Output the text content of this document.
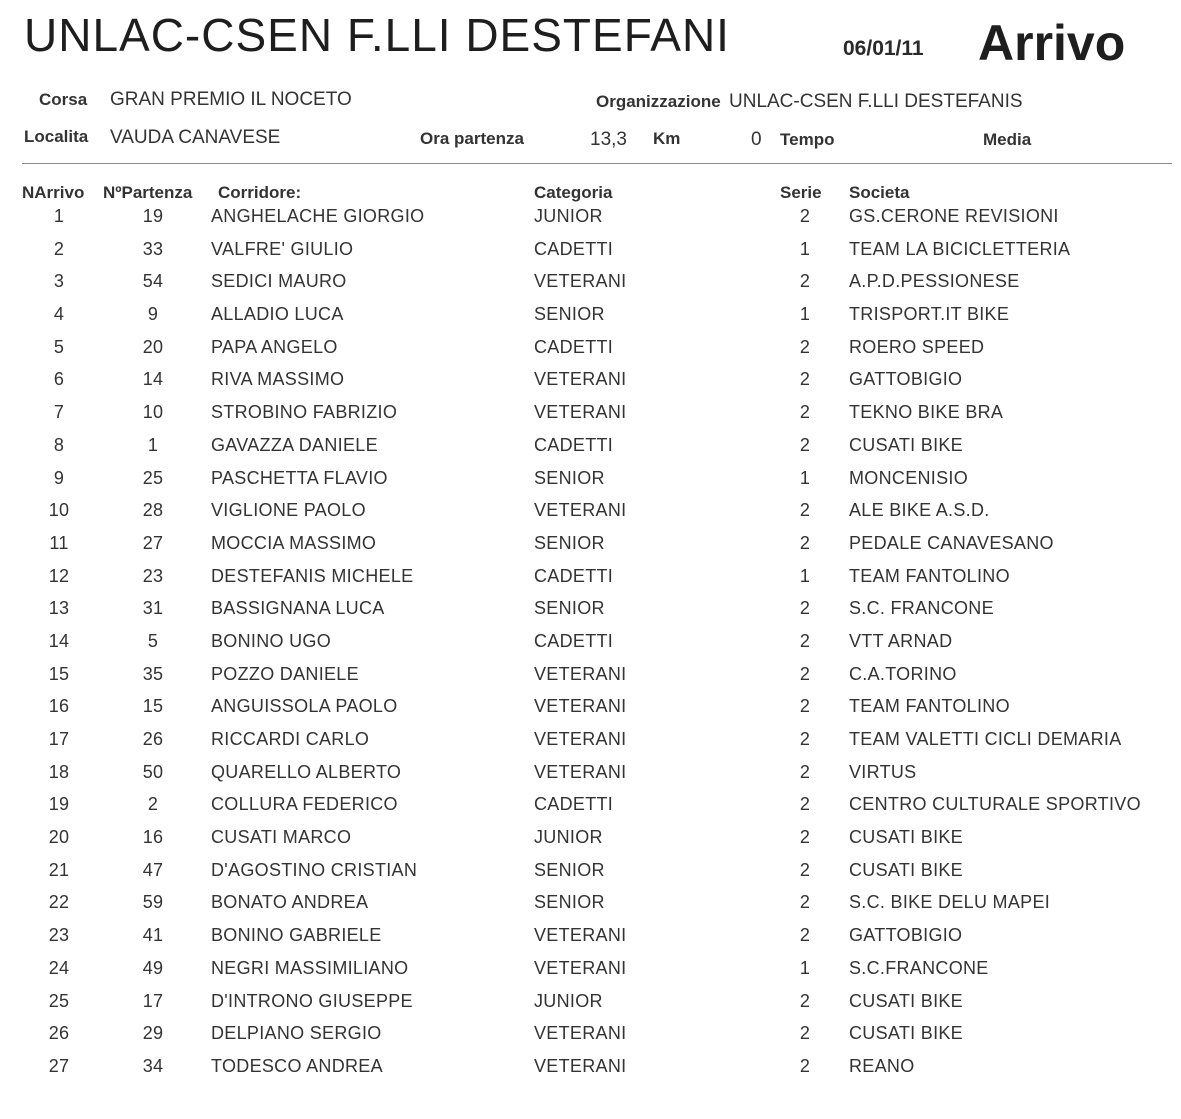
UNLAC-CSEN F.LLI DESTEFANI	06/01/11 Arrivo
Corsa GRAN PREMIO IL NOCETO	Organizzazione UNLAC-CSEN F.LLI DESTEFANIS
Localita VAUDA CANAVESE	Ora partenza	13,3 Km	0 Tempo	Media
NArrivo NºPartenza Corridore:	Categoria	Serie Societa
1	19	ANGHELACHE GIORGIO	JUNIOR	2	GS.CERONE REVISIONI
2	33	VALFRE' GIULIO	CADETTI	1	TEAM LA BICICLETTERIA
3	54	SEDICI MAURO	VETERANI	2	A.P.D.PESSIONESE
4	9	ALLADIO LUCA	SENIOR	1	TRISPORT.IT BIKE
5	20	PAPA ANGELO	CADETTI	2	ROERO SPEED
6	14	RIVA MASSIMO	VETERANI	2	GATTOBIGIO
7	10	STROBINO FABRIZIO	VETERANI	2	TEKNO BIKE BRA
8	1	GAVAZZA DANIELE	CADETTI	2	CUSATI BIKE
9	25	PASCHETTA FLAVIO	SENIOR	1	MONCENISIO
10	28	VIGLIONE PAOLO	VETERANI	2	ALE BIKE A.S.D.
11	27	MOCCIA MASSIMO	SENIOR	2	PEDALE CANAVESANO
12	23	DESTEFANIS MICHELE	CADETTI	1	TEAM FANTOLINO
13	31	BASSIGNANA LUCA	SENIOR	2	S.C. FRANCONE
14	5	BONINO UGO	CADETTI	2	VTT ARNAD
15	35	POZZO DANIELE	VETERANI	2	C.A.TORINO
16	15	ANGUISSOLA PAOLO	VETERANI	2	TEAM FANTOLINO
17	26	RICCARDI CARLO	VETERANI	2	TEAM VALETTI CICLI DEMARIA
18	50	QUARELLO ALBERTO	VETERANI	2	VIRTUS
19	2	COLLURA FEDERICO	CADETTI	2	CENTRO CULTURALE SPORTIVO
20	16	CUSATI MARCO	JUNIOR	2	CUSATI BIKE
21	47	D'AGOSTINO CRISTIAN	SENIOR	2	CUSATI BIKE
22	59	BONATO ANDREA	SENIOR	2	S.C. BIKE DELU MAPEI
23	41	BONINO GABRIELE	VETERANI	2	GATTOBIGIO
24	49	NEGRI MASSIMILIANO	VETERANI	1	S.C.FRANCONE
25	17	D'INTRONO GIUSEPPE	JUNIOR	2	CUSATI BIKE
26	29	DELPIANO SERGIO	VETERANI	2	CUSATI BIKE
27	34	TODESCO ANDREA	VETERANI	2	REANO
